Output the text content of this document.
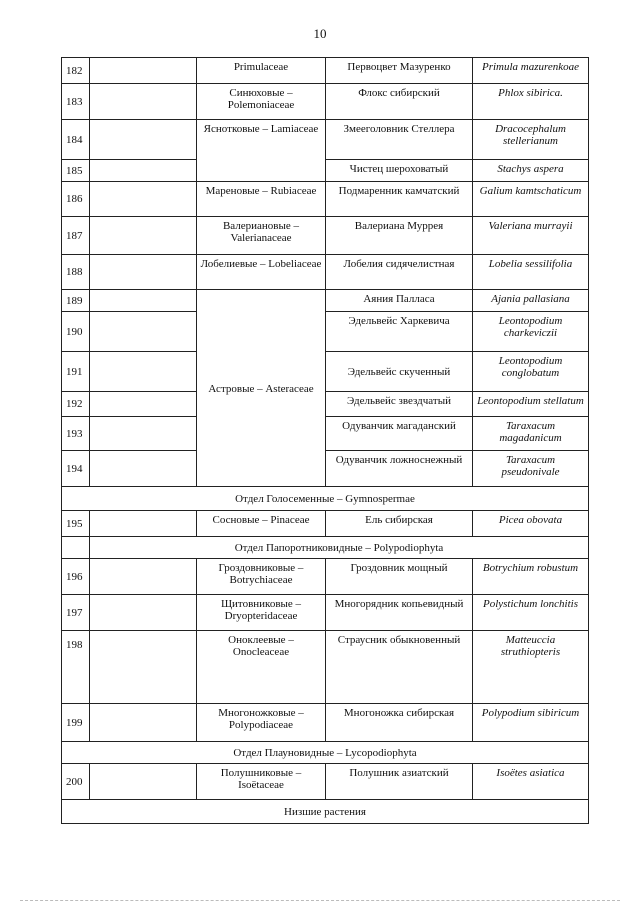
10
182		Primulaceae	Первоцвет Мазуренко	Primula mazurenkoae
183		Синюховые – Polemoniaceae	Флокс сибирский	Phlox sibirica.
184		Яснотковые – Lamiaceae	Змееголовник Стеллера	Dracocephalum stellerianum
185			Чистец шероховатый	Stachys aspera
186		Мареновые – Rubiaceae	Подмаренник камчатский	Galium kamtschaticum
187		Валериановые – Valerianaceae	Валериана Муррея	Valeriana murrayii
188		Лобелиевые – Lobeliaceae	Лобелия сидячелистная	Lobelia sessilifolia
189		Астровые – Asteraceae	Аяния Палласа	Ajania pallasiana
190			Эдельвейс Харкевича	Leontopodium charkeviczii
191			Эдельвейс скученный	Leontopodium conglobatum
192			Эдельвейс звездчатый	Leontopodium stellatum
193			Одуванчик магаданский	Taraxacum magadanicum
194			Одуванчик ложноснежный	Taraxacum pseudonivale
Отдел Голосеменные – Gymnospermae				
195		Сосновые – Pinaceae	Ель сибирская	Picea obovata
	Отдел Папоротниковидные – Polypodiophyta			
196		Гроздовниковые – Botrychiaceae	Гроздовник мощный	Botrychium robustum
197		Щитовниковые – Dryopteridaceae	Многорядник копьевидный	Polystichum lonchitis
198		Оноклеевые – Onocleaceae	Страусник обыкновенный	Matteuccia struthiopteris
199		Многоножковые – Polypodiaceae	Многоножка сибирская	Polypodium sibiricum
Отдел Плауновидные – Lycopodiophyta				
200		Полушниковые – Isoëtaceae	Полушник азиатский	Isoëtes asiatica
Низшие растения				
